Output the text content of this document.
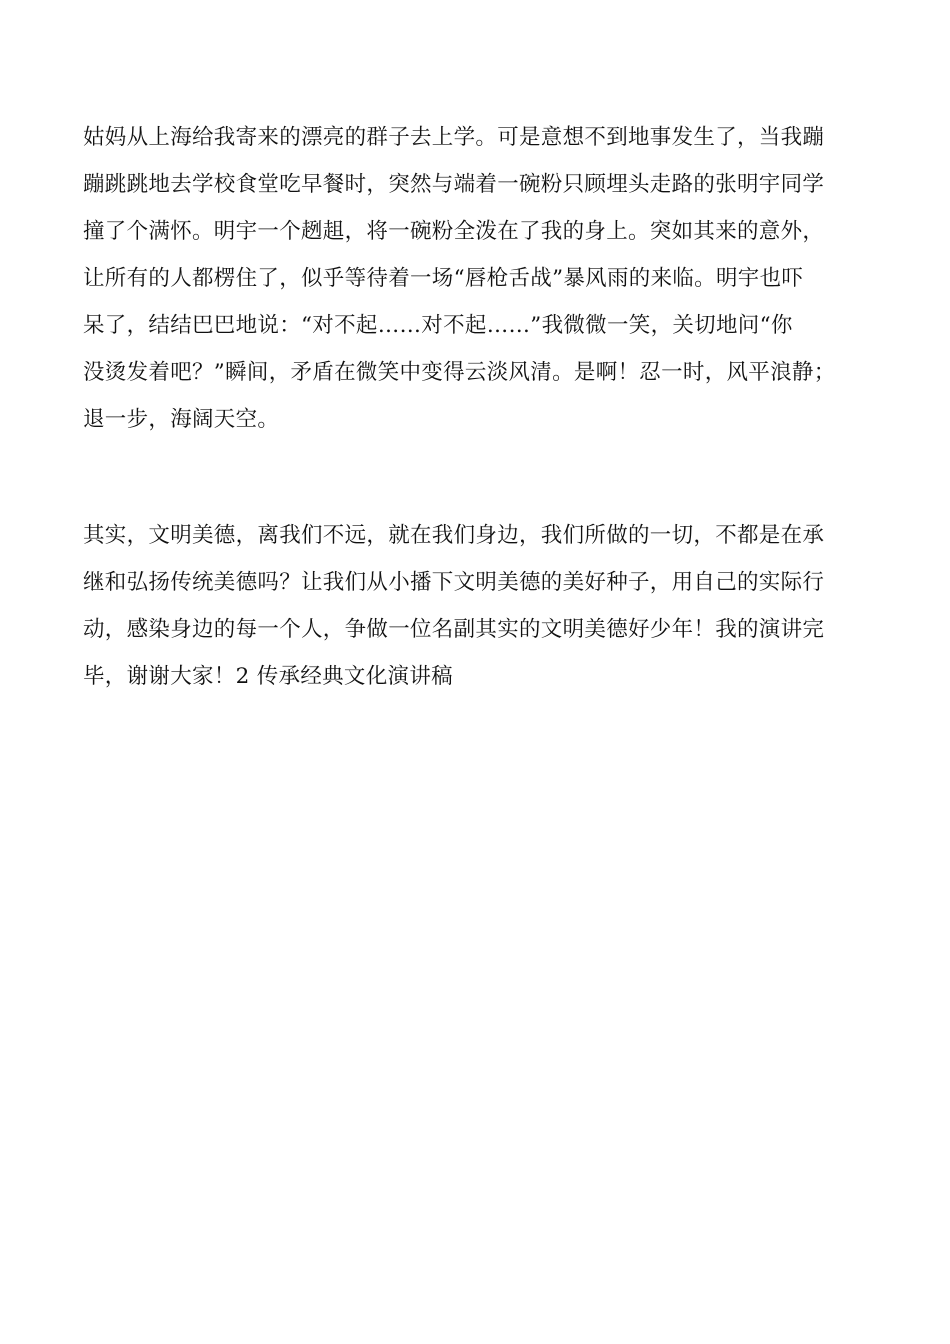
姑妈从上海给我寄来的漂亮的群子去上学。可是意想不到地事发生了，当我蹦
蹦跳跳地去学校食堂吃早餐时，突然与端着一碗粉只顾埋头走路的张明宇同学
撞了个满怀。明宇一个趔趄，将一碗粉全泼在了我的身上。突如其来的意外，
让所有的人都楞住了，似乎等待着一场“唇枪舌战”暴风雨的来临。明宇也吓
呆了，结结巴巴地说：“对不起……对不起……”我微微一笑，关切地问“你
没烫发着吧？”瞬间，矛盾在微笑中变得云淡风清。是啊！忍一时，风平浪静；
退一步，海阔天空。
其实，文明美德，离我们不远，就在我们身边，我们所做的一切，不都是在承
继和弘扬传统美德吗？让我们从小播下文明美德的美好种子，用自己的实际行
动，感染身边的每一个人，争做一位名副其实的文明美德好少年！我的演讲完
毕，谢谢大家！2 传承经典文化演讲稿
